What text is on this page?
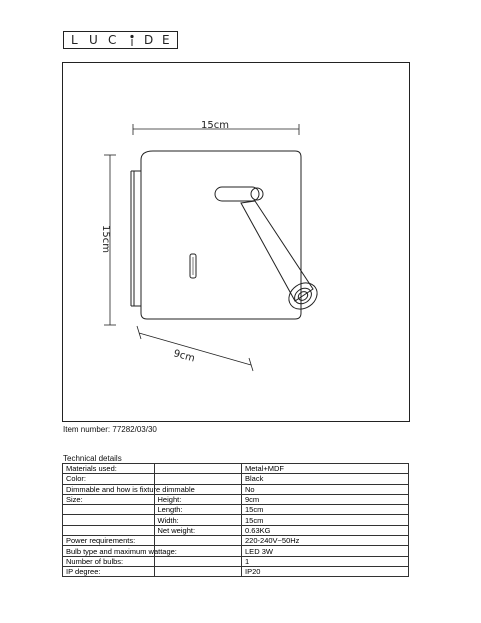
L U C D E
15cm
15cm
9cm
Item number: 77282/03/30
Technical details
Materials used:		Metal+MDF
Color:		Black
Dimmable and how is fixture dimmable		No
Size:	Height:	9cm
	Length:	15cm
	Width:	15cm
	Net weight:	0.63KG
Power requirements:		220-240V~50Hz
Bulb type and maximum wattage:		LED 3W
Number of bulbs:		1
IP degree:		IP20
